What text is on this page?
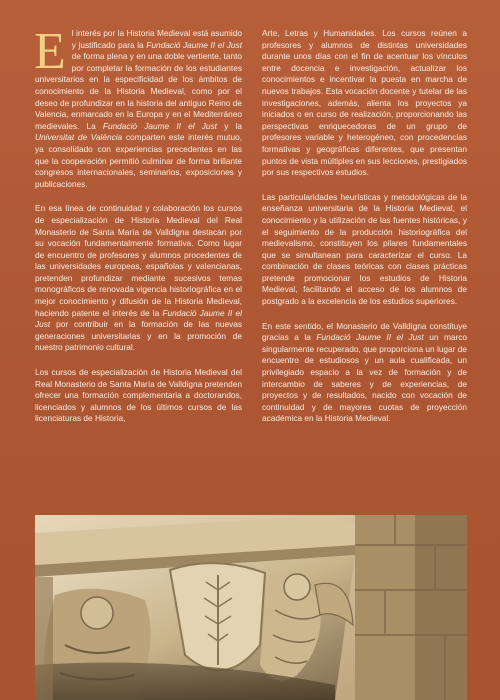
El interés por la Historia Medieval está asumido y justificado para la Fundació Jaume II el Just de forma plena y en una doble vertiente, tanto por completar la formación de los estudiantes universitarios en la especificidad de los ámbitos de conocimiento de la Historia Medieval, como por el deseo de profundizar en la historia del antiguo Reino de Valencia, enmarcado en la Europa y en el Mediterráneo medievales. La Fundació Jaume II el Just y la Universitat de València comparten este interés mutuo, ya consolidado con experiencias precedentes en las que la cooperación permitió culminar de forma brillante congresos internacionales, seminarios, exposiciones y publicaciones.

En esa línea de continuidad y colaboración los cursos de especialización de Historia Medieval del Real Monasterio de Santa María de Valldigna destacan por su vocación fundamentalmente formativa. Como lugar de encuentro de profesores y alumnos procedentes de las universidades europeas, españolas y valencianas, pretenden profundizar mediante sucesivos temas monográficos de renovada vigencia historiográfica en el mejor conocimiento y difusión de la Historia Medieval, haciendo patente el interés de la Fundació Jaume II el Just por contribuir en la formación de las nuevas generaciones universitarias y en la promoción de nuestro patrimonio cultural.

Los cursos de especialización de Historia Medieval del Real Monasterio de Santa María de Valldigna pretenden ofrecer una formación complementaria a doctorandos, licenciados y alumnos de los últimos cursos de las licenciaturas de Historia,

Arte, Letras y Humanidades. Los cursos reúnen a profesores y alumnos de distintas universidades durante unos días con el fin de acentuar los vínculos entre docencia e investigación, actualizar los conocimientos e incentivar la puesta en marcha de nuevos trabajos. Esta vocación docente y tutelar de las investigaciones, además, alienta los proyectos ya iniciados o en curso de realización, proporcionando las perspectivas enriquecedoras de un grupo de profesores variable y heterogéneo, con procedencias formativas y geográficas diferentes, que presentan puntos de vista múltiples en sus lecciones, prestigiados por sus respectivos estudios.

Las particularidades heurísticas y metodológicas de la enseñanza universitaria de la Historia Medieval, el conocimiento y la utilización de las fuentes históricas, y el seguimiento de la producción historiográfica del medievalismo, constituyen los pilares fundamentales que se simultanean para caracterizar el curso. La combinación de clases teóricas con clases prácticas pretende promocionar los estudios de Historia Medieval, facilitando el acceso de los alumnos de postgrado a la excelencia de los estudios superiores.

En este sentido, el Monasterio de Valldigna constituye gracias a la Fundació Jaume II el Just un marco singularmente recuperado, que proporciona un lugar de encuentro de estudiosos y un aula cualificada, un privilegiado espacio a la vez de formación y de intercambio de saberes y de experiencias, de proyectos y de resultados, nacido con vocación de continuidad y de mayores cuotas de proyección académica en la Historia Medieval.
